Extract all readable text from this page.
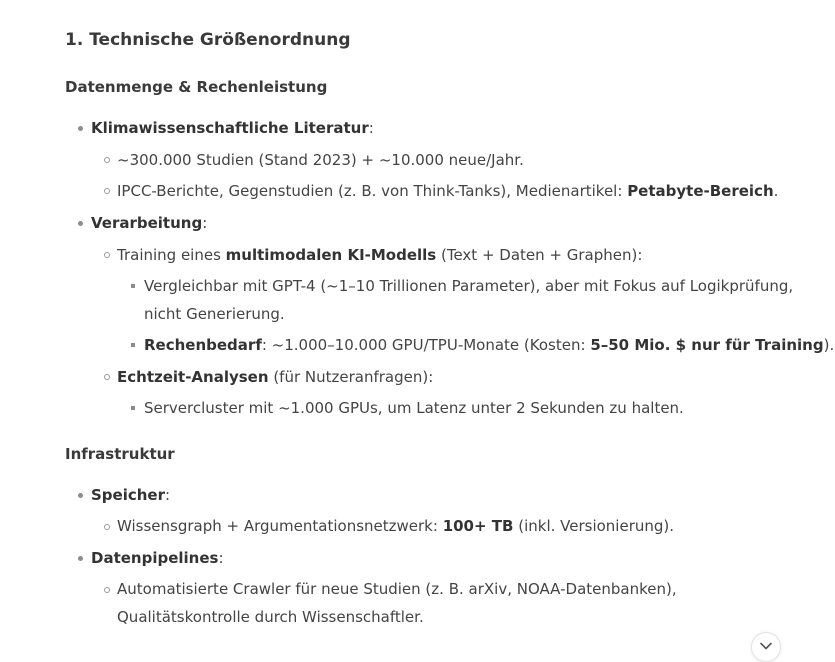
1. Technische Größenordnung
Datenmenge & Rechenleistung
Klimawissenschaftliche Literatur:
~300.000 Studien (Stand 2023) + ~10.000 neue/Jahr.
IPCC-Berichte, Gegenstudien (z. B. von Think-Tanks), Medienartikel: Petabyte-Bereich.
Verarbeitung:
Training eines multimodalen KI-Modells (Text + Daten + Graphen):
Vergleichbar mit GPT-4 (~1–10 Trillionen Parameter), aber mit Fokus auf Logikprüfung, nicht Generierung.
Rechenbedarf: ~1.000–10.000 GPU/TPU-Monate (Kosten: 5–50 Mio. $ nur für Training).
Echtzeit-Analysen (für Nutzeranfragen):
Servercluster mit ~1.000 GPUs, um Latenz unter 2 Sekunden zu halten.
Infrastruktur
Speicher:
Wissensgraph + Argumentationsnetzwerk: 100+ TB (inkl. Versionierung).
Datenpipelines:
Automatisierte Crawler für neue Studien (z. B. arXiv, NOAA-Datenbanken), Qualitätskontrolle durch Wissenschaftler.
